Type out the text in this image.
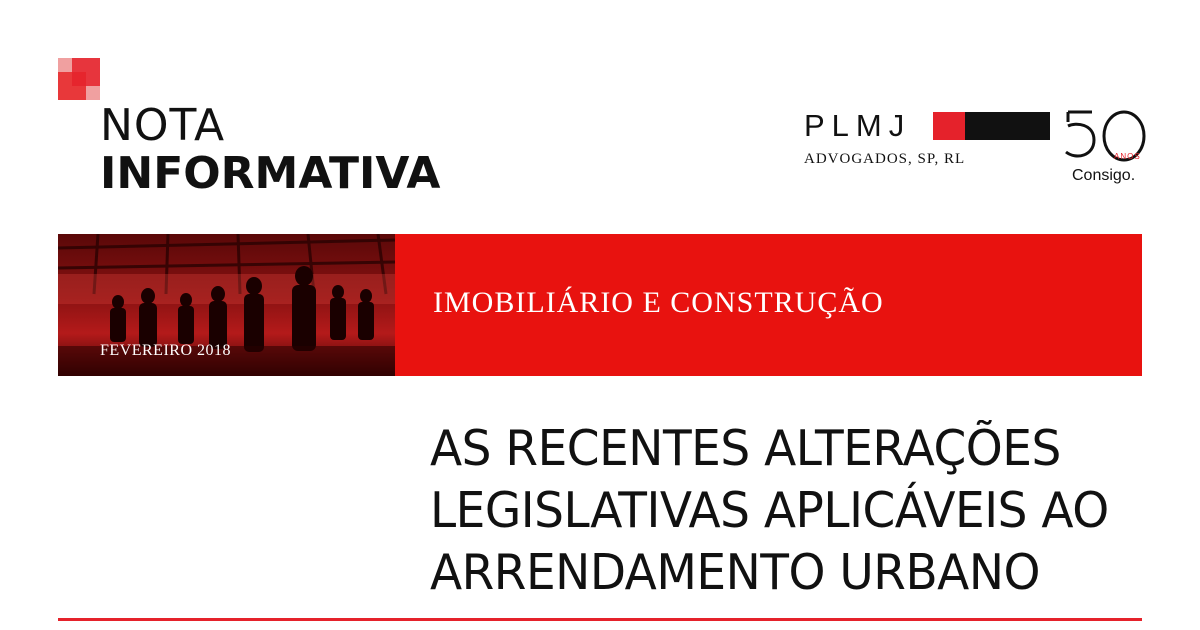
NOTA
INFORMATIVA
PLMJ
ADVOGADOS, SP, RL
50
ANOS
Consigo.
FEVEREIRO 2018
IMOBILIÁRIO E CONSTRUÇÃO
AS RECENTES ALTERAÇÕES
LEGISLATIVAS APLICÁVEIS AO
ARRENDAMENTO URBANO
